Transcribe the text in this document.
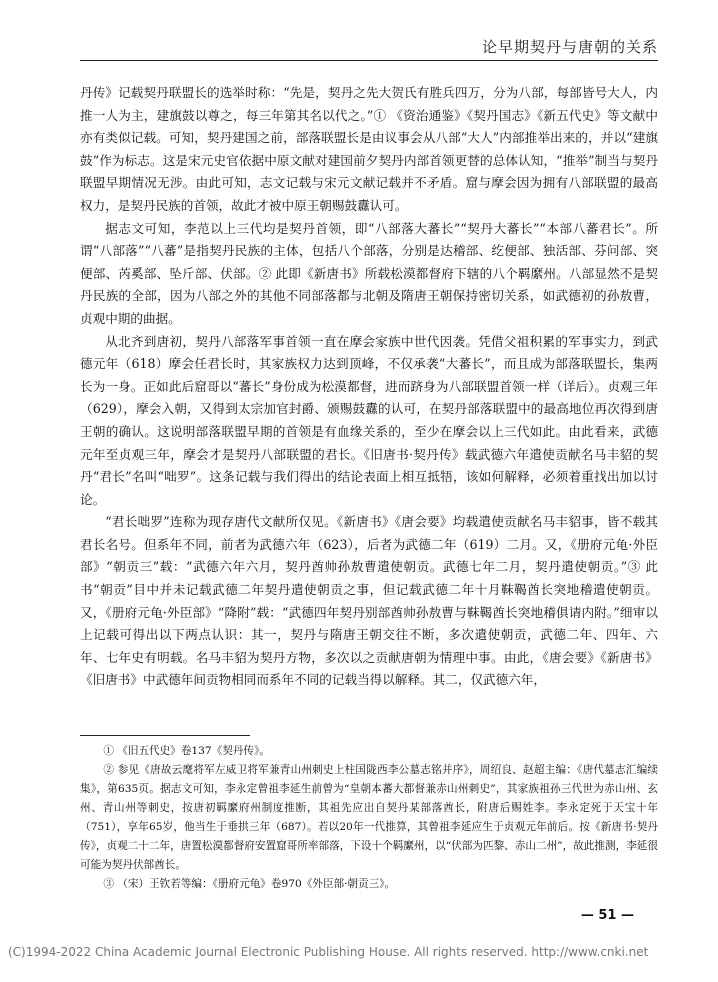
论早期契丹与唐朝的关系

丹传》记载契丹联盟长的选举时称：“先是，契丹之先大贺氏有胜兵四万，分为八部，每部皆号大人，内推一人为主，建旗鼓以尊之，每三年第其名以代之。”① 《资治通鉴》《契丹国志》《新五代史》等文献中亦有类似记载。可知，契丹建国之前，部落联盟长是由议事会从八部“大人”内部推举出来的，并以“建旗鼓”作为标志。这是宋元史官依据中原文献对建国前夕契丹内部首领更替的总体认知，“推举”制当与契丹联盟早期情况无涉。由此可知，志文记载与宋元文献记载并不矛盾。窟与摩会因为拥有八部联盟的最高权力，是契丹民族的首领，故此才被中原王朝赐鼓纛认可。

据志文可知，李范以上三代均是契丹首领，即“八部落大蕃长”“契丹大蕃长”“本部八蕃君长”。所谓“八部落”“八蕃”是指契丹民族的主体，包括八个部落，分别是达稽部、纥便部、独活部、芬问部、突便部、芮奚部、坠斤部、伏部。② 此即《新唐书》所载松漠都督府下辖的八个羁縻州。八部显然不是契丹民族的全部，因为八部之外的其他不同部落都与北朝及隋唐王朝保持密切关系，如武德初的孙敖曹，贞观中期的曲据。

从北齐到唐初，契丹八部落军事首领一直在摩会家族中世代因袭。凭借父祖积累的军事实力，到武德元年（618）摩会任君长时，其家族权力达到顶峰，不仅承袭“大蕃长”，而且成为部落联盟长，集两长为一身。正如此后窟哥以“蕃长”身份成为松漠都督，进而跻身为八部联盟首领一样（详后）。贞观三年（629），摩会入朝，又得到太宗加官封爵、颁赐鼓纛的认可，在契丹部落联盟中的最高地位再次得到唐王朝的确认。这说明部落联盟早期的首领是有血缘关系的，至少在摩会以上三代如此。由此看来，武德元年至贞观三年，摩会才是契丹八部联盟的君长。《旧唐书·契丹传》载武德六年遣使贡献名马丰貂的契丹“君长”名叫“咄罗”。这条记载与我们得出的结论表面上相互抵牾，该如何解释，必须着重找出加以讨论。

“君长咄罗”连称为现存唐代文献所仅见。《新唐书》《唐会要》均载遣使贡献名马丰貂事，皆不载其君长名号。但系年不同，前者为武德六年（623），后者为武德二年（619）二月。又，《册府元龟·外臣部》“朝贡三”载：“武德六年六月，契丹酋帅孙敖曹遣使朝贡。武德七年二月，契丹遣使朝贡。”③ 此书“朝贡”目中并未记载武德二年契丹遣使朝贡之事，但记载武德二年十月靺鞨酋长突地稽遣使朝贡。又，《册府元龟·外臣部》“降附”载：“武德四年契丹别部酋帅孙敖曹与靺鞨酋长突地稽俱请内附。”细审以上记载可得出以下两点认识：其一，契丹与隋唐王朝交往不断，多次遣使朝贡，武德二年、四年、六年、七年史有明载。名马丰貂为契丹方物，多次以之贡献唐朝为情理中事。由此，《唐会要》《新唐书》《旧唐书》中武德年间贡物相同而系年不同的记载当得以解释。其二，仅武德六年，

① 《旧五代史》卷137《契丹传》。

② 参见《唐故云麾将军左威卫将军兼青山州刺史上柱国陇西李公墓志铭并序》，周绍良、赵超主编：《唐代墓志汇编续集》，第635页。据志文可知，李永定曾祖李延生前曾为“皇朝本蕃大都督兼赤山州刺史”，其家族祖孙三代世为赤山州、玄州、青山州等刺史，按唐初羁縻府州制度推断，其祖先应出自契丹某部落酋长，附唐后赐姓李。李永定死于天宝十年（751），享年65岁，他当生于垂拱三年（687）。若以20年一代推算，其曾祖李延应生于贞观元年前后。按《新唐书·契丹传》，贞观二十二年，唐置松漠都督府安置窟哥所率部落，下设十个羁縻州，以“伏部为匹黎、赤山二州”，故此推测，李延很可能为契丹伏部酋长。

③ （宋）王钦若等编：《册府元龟》卷970《外臣部·朝贡三》。

— 51 —
(C)1994-2022 China Academic Journal Electronic Publishing House. All rights reserved. http://www.cnki.net
